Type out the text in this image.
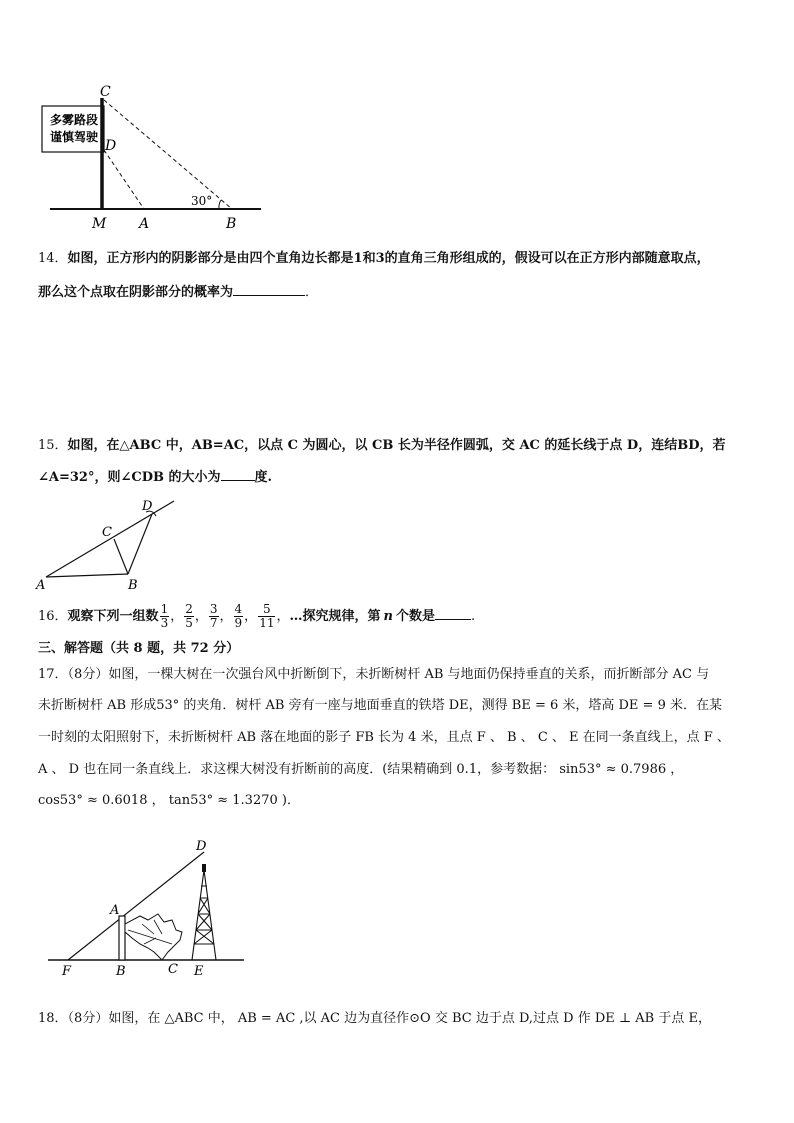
多雾路段
谨慎驾驶
30°
C
D
M A	B
14．如图，正方形内的阴影部分是由四个直角边长都是1和3的直角三角形组成的，假设可以在正方形内部随意取点，
那么这个点取在阴影部分的概率为	．
15．如图，在△ABC 中，AB=AC，以点 C 为圆心，以 CB 长为半径作圆弧，交 AC 的延长线于点 D，连结BD，若
∠A=32°，则∠CDB 的大小为	度.
A	B
C
D
16．观察下列一组数 $\frac{1}{3}$ ， $\frac{2}{5}$ ， $\frac{3}{7}$ ， $\frac{4}{9}$ ， $\frac{5}{11}$ ，…探究规律，第 n 个数是	.
三、解答题（共 8 题，共 72 分）
17．（8分）如图，一棵大树在一次强台风中折断倒下，未折断树杆 AB 与地面仍保持垂直的关系，而折断部分 AC 与
未折断树杆 AB 形成53° 的夹角．树杆 AB 旁有一座与地面垂直的铁塔 DE，测得 BE = 6 米，塔高 DE = 9 米．在某
一时刻的太阳照射下，未折断树杆 AB 落在地面的影子 FB 长为 4 米，且点 F 、 B 、 C 、 E 在同一条直线上，点 F 、
A 、 D 也在同一条直线上．求这棵大树没有折断前的高度．(结果精确到 0.1，参考数据： sin53° ≈ 0.7986 ，
cos53° ≈ 0.6018 ， tan53° ≈ 1.3270 )．
D
A
F	B	C E
18．（8分）如图，在 △ABC 中， AB = AC ,以 AC 边为直径作⊙O 交 BC 边于点 D,过点 D 作 DE ⊥ AB 于点 E，
